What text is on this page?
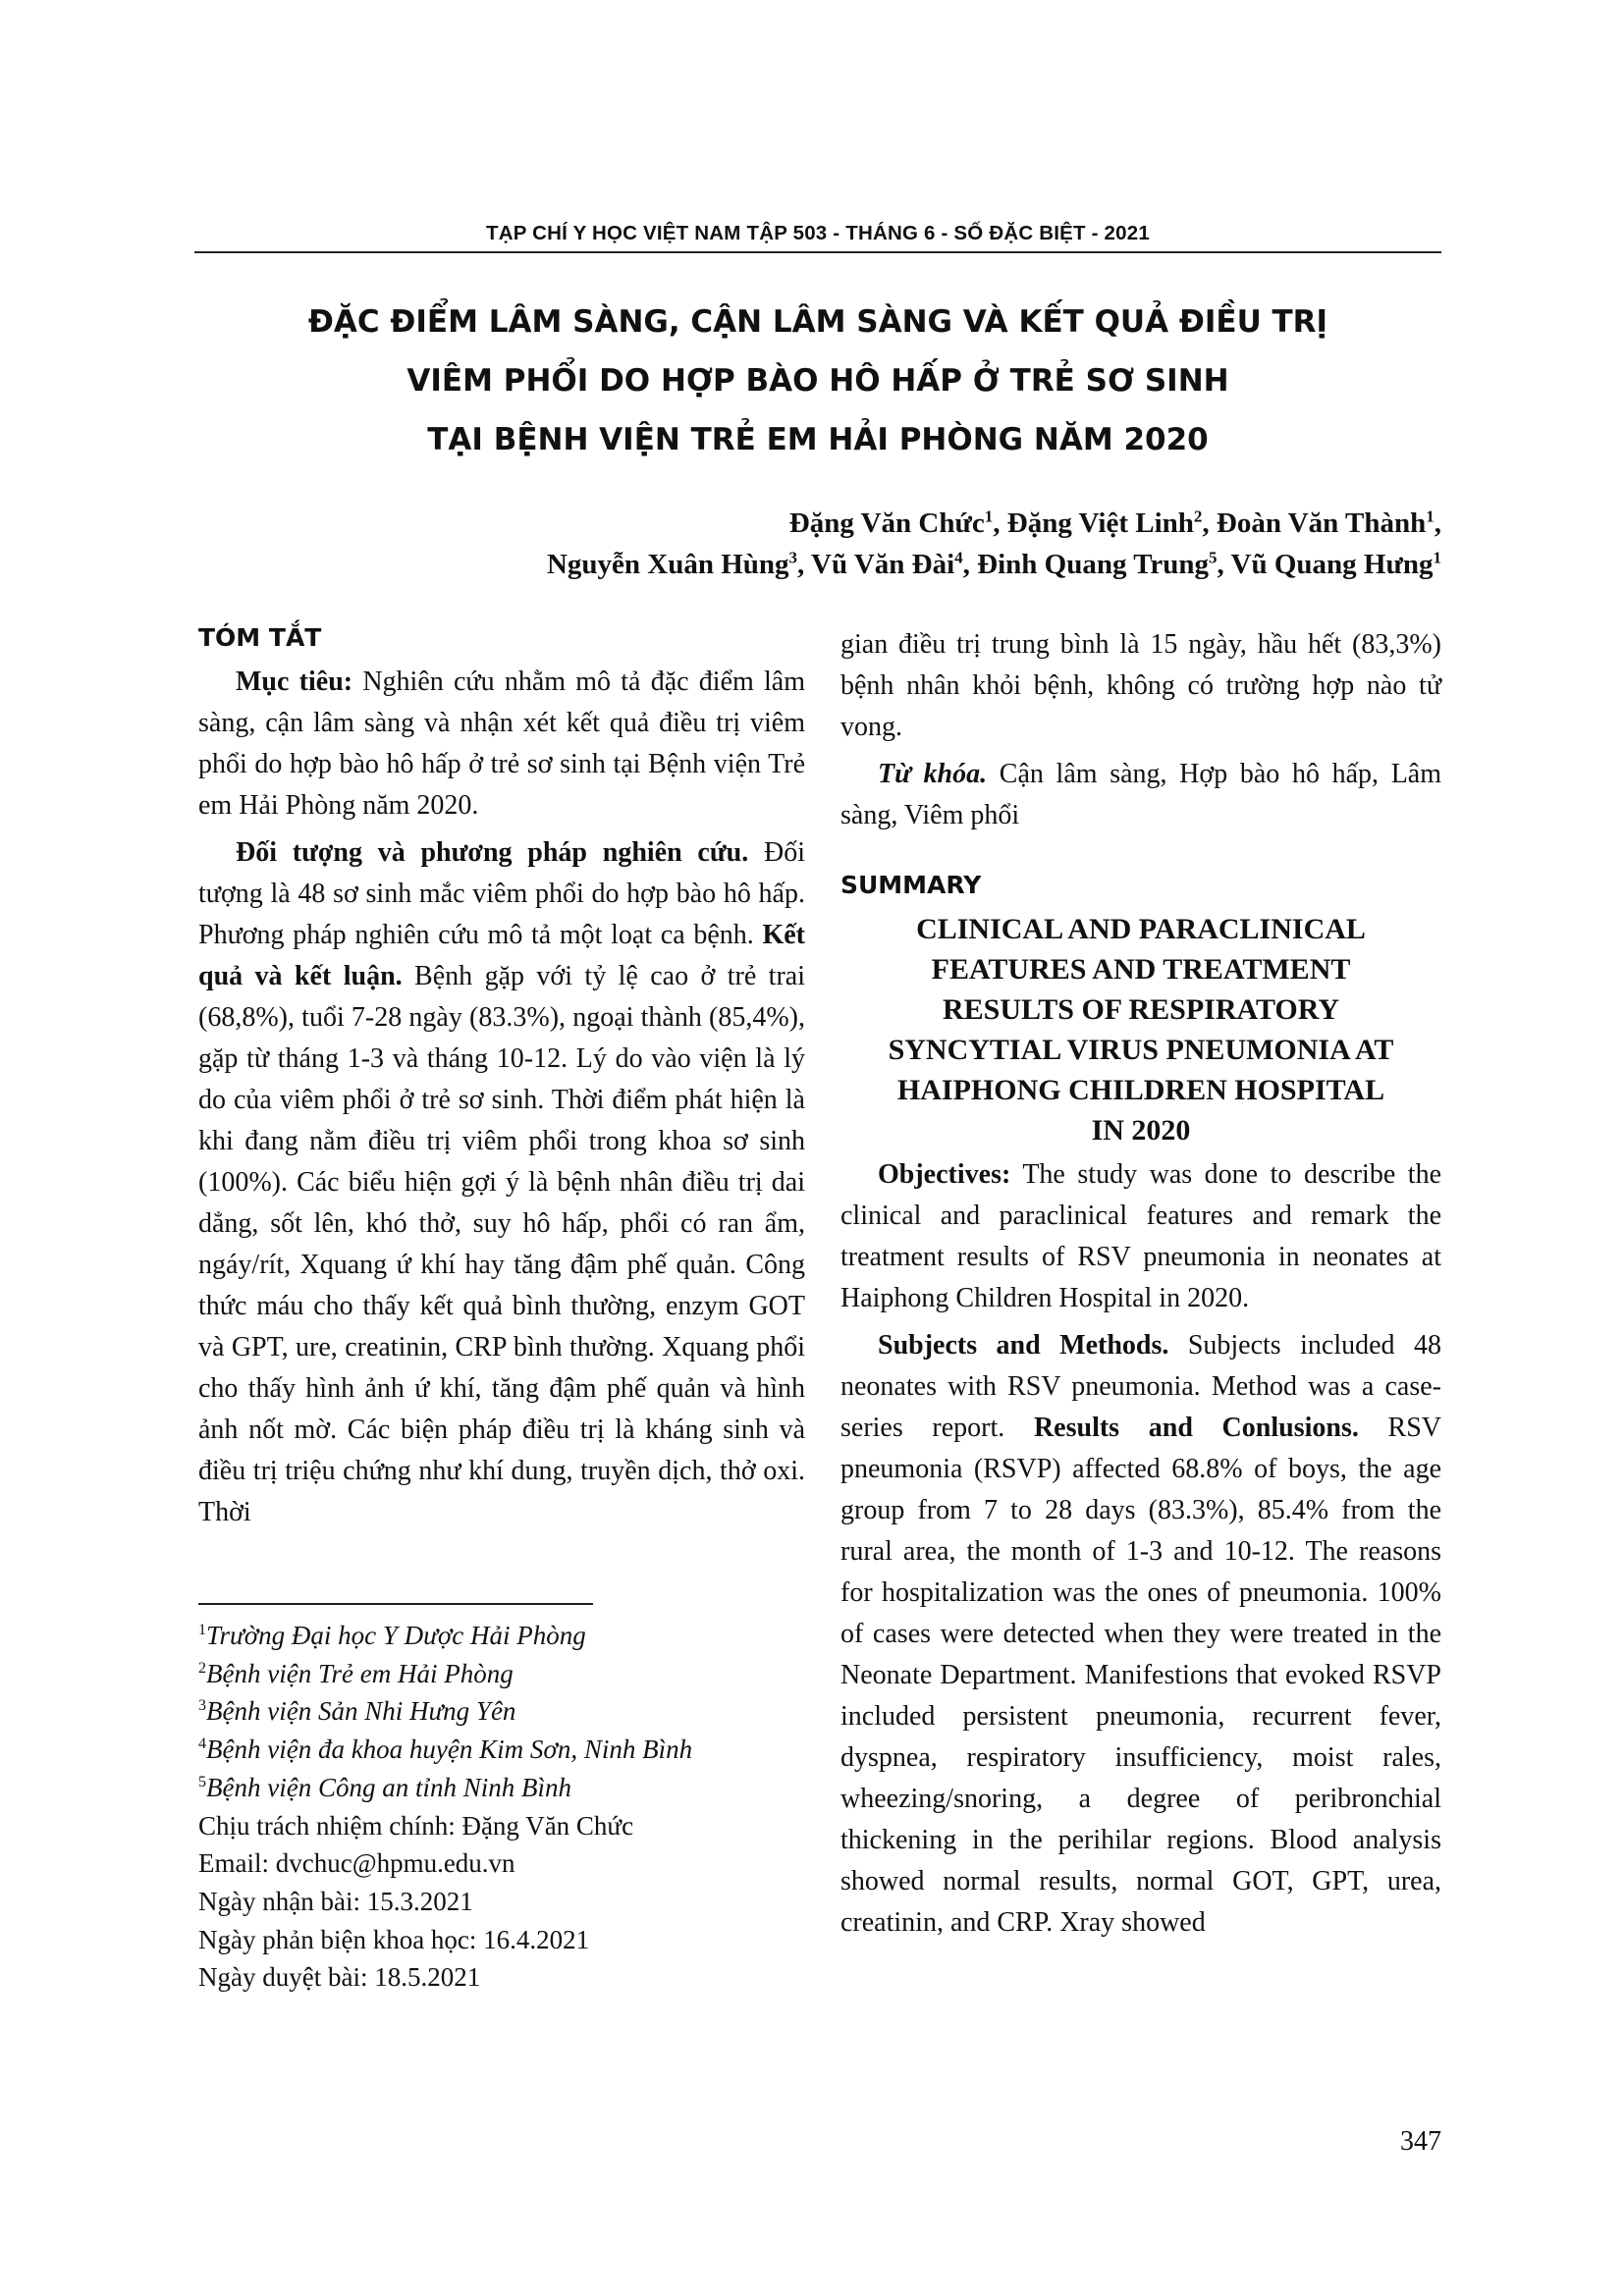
TẠP CHÍ Y HỌC VIỆT NAM TẬP 503 - THÁNG 6 - SỐ ĐẶC BIỆT - 2021
ĐẶC ĐIỂM LÂM SÀNG, CẬN LÂM SÀNG VÀ KẾT QUẢ ĐIỀU TRỊ
VIÊM PHỔI DO HỢP BÀO HÔ HẤP Ở TRẺ SƠ SINH
TẠI BỆNH VIỆN TRẺ EM HẢI PHÒNG NĂM 2020
Đặng Văn Chức$^1$, Đặng Việt Linh$^2$, Đoàn Văn Thành$^1$,
Nguyễn Xuân Hùng$^3$, Vũ Văn Đài$^4$, Đinh Quang Trung$^5$, Vũ Quang Hưng$^1$
TÓM TẮT

Mục tiêu: Nghiên cứu nhằm mô tả đặc điểm lâm sàng, cận lâm sàng và nhận xét kết quả điều trị viêm phổi do hợp bào hô hấp ở trẻ sơ sinh tại Bệnh viện Trẻ em Hải Phòng năm 2020.

Đối tượng và phương pháp nghiên cứu. Đối tượng là 48 sơ sinh mắc viêm phổi do hợp bào hô hấp. Phương pháp nghiên cứu mô tả một loạt ca bệnh. Kết quả và kết luận. Bệnh gặp với tỷ lệ cao ở trẻ trai (68,8%), tuổi 7-28 ngày (83.3%), ngoại thành (85,4%), gặp từ tháng 1-3 và tháng 10-12. Lý do vào viện là lý do của viêm phổi ở trẻ sơ sinh. Thời điểm phát hiện là khi đang nằm điều trị viêm phổi trong khoa sơ sinh (100%). Các biểu hiện gợi ý là bệnh nhân điều trị dai dẳng, sốt lên, khó thở, suy hô hấp, phổi có ran ẩm, ngáy/rít, Xquang ứ khí hay tăng đậm phế quản. Công thức máu cho thấy kết quả bình thường, enzym GOT và GPT, ure, creatinin, CRP bình thường. Xquang phổi cho thấy hình ảnh ứ khí, tăng đậm phế quản và hình ảnh nốt mờ. Các biện pháp điều trị là kháng sinh và điều trị triệu chứng như khí dung, truyền dịch, thở oxi. Thời

$^1$Trường Đại học Y Dược Hải Phòng
$^2$Bệnh viện Trẻ em Hải Phòng
$^3$Bệnh viện Sản Nhi Hưng Yên
$^4$Bệnh viện đa khoa huyện Kim Sơn, Ninh Bình
$^5$Bệnh viện Công an tỉnh Ninh Bình
Chịu trách nhiệm chính: Đặng Văn Chức
Email: dvchuc@hpmu.edu.vn
Ngày nhận bài: 15.3.2021
Ngày phản biện khoa học: 16.4.2021
Ngày duyệt bài: 18.5.2021

gian điều trị trung bình là 15 ngày, hầu hết (83,3%) bệnh nhân khỏi bệnh, không có trường hợp nào tử vong.

Từ khóa. Cận lâm sàng, Hợp bào hô hấp, Lâm sàng, Viêm phổi

SUMMARY
CLINICAL AND PARACLINICAL
FEATURES AND TREATMENT
RESULTS OF RESPIRATORY
SYNCYTIAL VIRUS PNEUMONIA AT
HAIPHONG CHILDREN HOSPITAL
IN 2020

Objectives: The study was done to describe the clinical and paraclinical features and remark the treatment results of RSV pneumonia in neonates at Haiphong Children Hospital in 2020.

Subjects and Methods. Subjects included 48 neonates with RSV pneumonia. Method was a case-series report. Results and Conlusions. RSV pneumonia (RSVP) affected 68.8% of boys, the age group from 7 to 28 days (83.3%), 85.4% from the rural area, the month of 1-3 and 10-12. The reasons for hospitalization was the ones of pneumonia. 100% of cases were detected when they were treated in the Neonate Department. Manifestions that evoked RSVP included persistent pneumonia, recurrent fever, dyspnea, respiratory insufficiency, moist rales, wheezing/snoring, a degree of peribronchial thickening in the perihilar regions. Blood analysis showed normal results, normal GOT, GPT, urea, creatinin, and CRP. Xray showed

347
